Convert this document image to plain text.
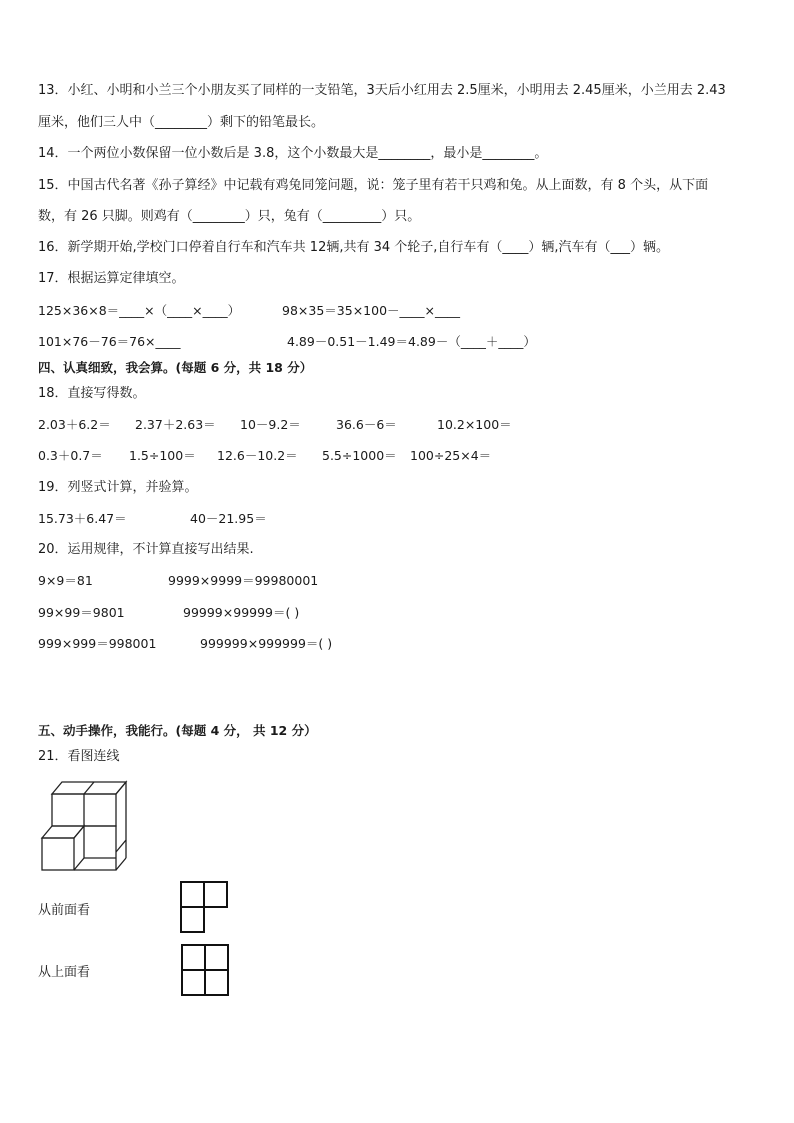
13．小红、小明和小兰三个小朋友买了同样的一支铅笔，3天后小红用去 2.5厘米，小明用去 2.45厘米，小兰用去 2.43
厘米，他们三人中（________）剩下的铅笔最长。
14．一个两位小数保留一位小数后是 3.8，这个小数最大是________，最小是________。
15．中国古代名著《孙子算经》中记载有鸡兔同笼问题，说：笼子里有若干只鸡和兔。从上面数，有 8 个头，从下面
数，有 26 只脚。则鸡有（________）只，兔有（_________）只。
16．新学期开始,学校门口停着自行车和汽车共 12辆,共有 34 个轮子,自行车有（____）辆,汽车有（___）辆。
17．根据运算定律填空。
125×36×8＝____×（____×____）	98×35＝35×100－____×____
101×76－76＝76×____	4.89－0.51－1.49＝4.89－（____＋____）
四、认真细致，我会算。(每题 6 分，共 18 分）
18．直接写得数。
2.03＋6.2＝ 2.37＋2.63＝ 10－9.2＝	36.6－6＝	10.2×100＝
0.3＋0.7＝ 1.5÷100＝ 12.6－10.2＝ 5.5÷1000＝ 100÷25×4＝
19．列竖式计算，并验算。
15.73＋6.47＝	40－21.95＝
20．运用规律，不计算直接写出结果.
9×9＝81	9999×9999＝99980001
99×99＝9801	99999×99999＝( )
999×999＝998001	999999×999999＝( )
五、动手操作，我能行。(每题 4 分， 共 12 分）
21．看图连线
从前面看
从上面看
